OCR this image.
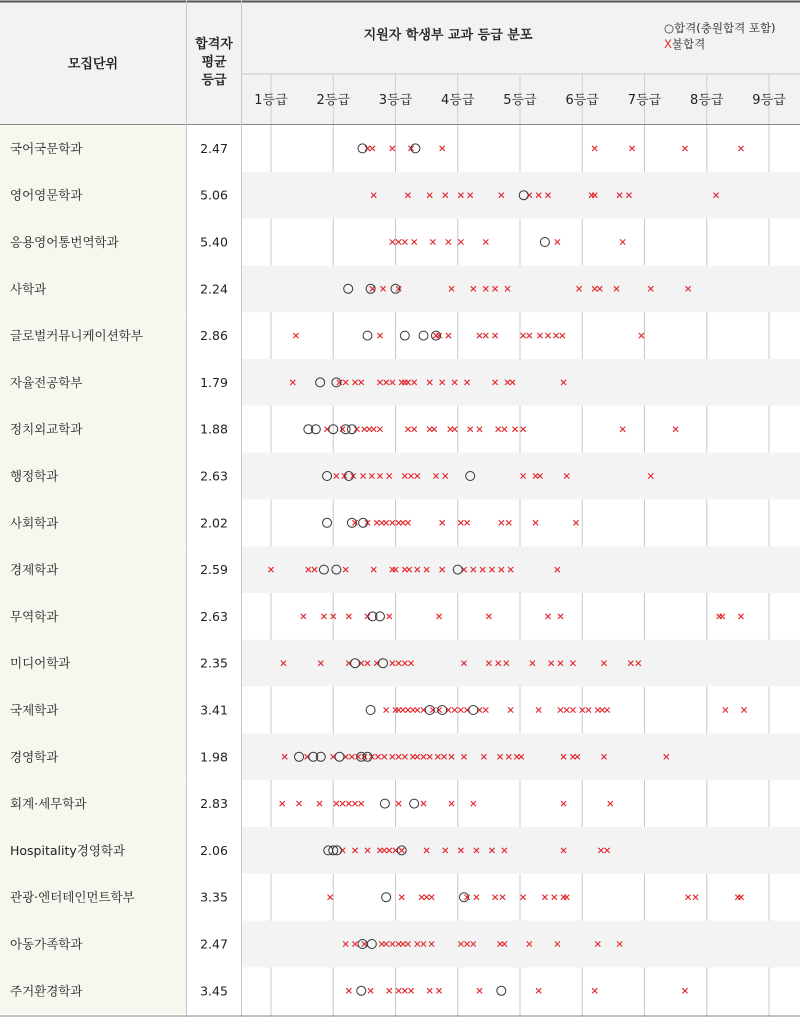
모집단위
합격자
평균
등급
지원자 학생부 교과 등급 분포	○합격(충원합격 포함)
X불합격
1등급 2등급 3등급 4등급 5등급 6등급 7등급 8등급 9등급
국어국문학과	2.47
영어영문학과	5.06
응용영어통번역학과	5.40
사학과	2.24
글로벌커뮤니케이션학부	2.86
자율전공학부	1.79
정치외교학과	1.88
행정학과	2.63
사회학과	2.02
경제학과	2.59
무역학과	2.63
미디어학과	2.35
국제학과	3.41
경영학과	1.98
회계·세무학과	2.83
Hospitality경영학과	2.06
관광·엔터테인먼트학부	3.35
아동가족학과	2.47
주거환경학과	3.45
